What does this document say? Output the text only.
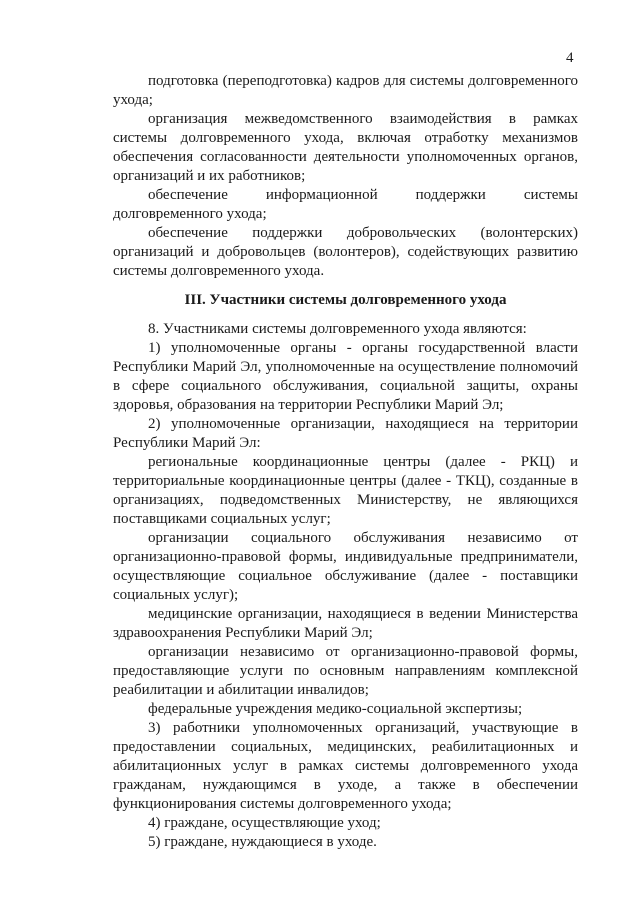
4

подготовка (переподготовка) кадров для системы долговременного ухода;

организация межведомственного взаимодействия в рамках системы долговременного ухода, включая отработку механизмов обеспечения согласованности деятельности уполномоченных органов, организаций и их работников;

обеспечение информационной поддержки системы долговременного ухода;

обеспечение поддержки добровольческих (волонтерских) организаций и добровольцев (волонтеров), содействующих развитию системы долговременного ухода.

III. Участники системы долговременного ухода

8. Участниками системы долговременного ухода являются:

1) уполномоченные органы - органы государственной власти Республики Марий Эл, уполномоченные на осуществление полномочий в сфере социального обслуживания, социальной защиты, охраны здоровья, образования на территории Республики Марий Эл;

2) уполномоченные организации, находящиеся на территории Республики Марий Эл:

региональные координационные центры (далее - РКЦ) и территориальные координационные центры (далее - ТКЦ), созданные в организациях, подведомственных Министерству, не являющихся поставщиками социальных услуг;

организации социального обслуживания независимо от организационно-правовой формы, индивидуальные предприниматели, осуществляющие социальное обслуживание (далее - поставщики социальных услуг);

медицинские организации, находящиеся в ведении Министерства здравоохранения Республики Марий Эл;

организации независимо от организационно-правовой формы, предоставляющие услуги по основным направлениям комплексной реабилитации и абилитации инвалидов;

федеральные учреждения медико-социальной экспертизы;

3) работники уполномоченных организаций, участвующие в предоставлении социальных, медицинских, реабилитационных и абилитационных услуг в рамках системы долговременного ухода гражданам, нуждающимся в уходе, а также в обеспечении функционирования системы долговременного ухода;

4) граждане, осуществляющие уход;

5) граждане, нуждающиеся в уходе.
